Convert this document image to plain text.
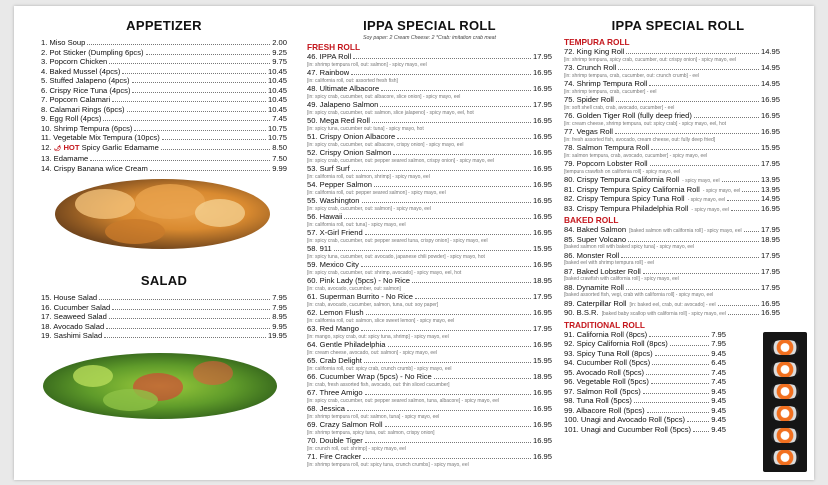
APPETIZER
1. Miso Soup	2.00
2. Pot Sticker (Dumpling 6pcs)	9.25
3. Popcorn Chicken	9.75
4. Baked Mussel (4pcs)	10.45
5. Stuffed Jalapeno (4pcs)	10.45
6. Crispy Rice Tuna (4pcs)	10.45
7. Popcorn Calamari	10.45
8. Calamari Rings (6pcs)	10.45
9. Egg Roll (4pcs)	7.45
10. Shrimp Tempura (6pcs)	10.75
11. Vegetable Mix Tempura (10pcs)	10.75
12. 🌶 HOT Spicy Garlic Edamame	8.50
13. Edamame	7.50
14. Crispy Banana w/ice Cream	9.99
SALAD
15. House Salad	7.95
16. Cucumber Salad	7.95
17. Seaweed Salad	8.95
18. Avocado Salad	9.95
19. Sashimi Salad	19.95
IPPA SPECIAL ROLL
Soy paper: 2 Cream Cheese: 2 *Crab: imitation crab meat
FRESH ROLL
46. IPPA Roll	17.95
[in: shrimp tempura roll, out: salmon] - spicy mayo, eel
47. Rainbow	16.95
[in: california roll, out: assorted fresh fish]
48. Ultimate Albacore	16.95
[in: spicy crab, cucumber, out: albacore, slice onion] - spicy mayo, eel
49. Jalapeno Salmon	17.95
[in: spicy crab, cucumber, out: salmon, slice jalapeno] - spicy mayo, eel, hot
50. Mega Red Roll	16.95
[in: spicy tuna, cucumber out: tuna] - spicy mayo, hot
51. Crispy Onion Albacore	16.95
[in: spicy crab, cucumber, out: albacore, crispy onion] - spicy mayo, eel
52. Crispy Onion Salmon	16.95
[in: spicy crab, cucumber, out: pepper seared salmon, crispy onion] - spicy mayo, eel
53. Surf Surf	16.95
[in: california roll, out: salmon, shrimp] - spicy mayo, eel
54. Pepper Salmon	16.95
[in: california roll, out: pepper seared salmon] - spicy mayo, eel
55. Washington	16.95
[in: spicy crab, cucumber, out: salmon] - spicy mayo, eel
56. Hawaii	16.95
[in: california roll, out: tuna] - spicy mayo, eel
57. X-Girl Friend	16.95
[in: spicy crab, cucumber, out: pepper seared tuna, crispy onion] - spicy mayo, eel
58. 911	15.95
[in: spicy tuna, cucumber, out: avocado, japanese chili powder] - spicy mayo, hot
59. Mexico City	16.95
[in: spicy crab, cucumber, out: shrimp, avocado] - spicy mayo, eel, hot
60. Pink Lady (5pcs) - No Rice	18.95
[in: crab, avocado, cucumber, out: salmon]
61. Superman Burrito - No Rice	17.95
[in: crab, avocado, cucumber, salmon, tuna, out: soy paper]
62. Lemon Flush	16.95
[in: california roll, out: salmon, slice sweet lemon] - spicy mayo, eel
63. Red Mango	17.95
[in: mango, spicy crab, out: spicy tuna, shrimp] - spicy mayo, eel
64. Gentle Philadelphia	16.95
[in: cream cheese, avocado, out: salmon] - spicy mayo, eel
65. Crab Delight	15.95
[in: california roll, out: spicy crab, crunch crumb] - spicy mayo, eel
66. Cucumber Wrap (5pcs) - No Rice	18.95
[in: crab, fresh assorted fish, avocado, out: thin sliced cucumber]
67. Three Amigo	16.95
[in: spicy crab, cucumber, out: pepper seared salmon, tuna, albacore] - spicy mayo, eel
68. Jessica	16.95
[in: shrimp tempura roll, out: salmon, tuna] - spicy mayo, eel
69. Crazy Salmon Roll	16.95
[in: shrimp tempura, spicy tuna, out: salmon, crispy onion]
70. Double Tiger	16.95
[in: crunch roll, out: shrimp] - spicy mayo, eel
71. Fire Cracker	16.95
[in: shrimp tempura roll, out: spicy tuna, crunch crumbs] - spicy mayo, eel
IPPA SPECIAL ROLL
TEMPURA ROLL
72. King King Roll	14.95
[in: shrimp tempura, spicy crab, cucumber, out: crispy onion] - spicy mayo, eel
73. Crunch Roll	14.95
[in: shrimp tempura, crab, cucumber, out: crunch crumb] - eel
74. Shrimp Tempura Roll	14.95
[in: shrimp tempura, crab, cucumber] - eel
75. Spider Roll	16.95
[in: soft shell crab, crab, avocado, cucumber] - eel
76. Golden Tiger Roll (fully deep fried)	16.95
[in: cream cheese, shrimp tempura, out: spicy crab] - spicy mayo, eel, hot
77. Vegas Roll	16.95
[in: fresh assorted fish, avocado, cream cheese, out: fully deep fried]
78. Salmon Tempura Roll	15.95
[in: salmon tempura, crab, avocado, cucumber] - spicy mayo, eel
79. Popcorn Lobster Roll	17.95
[tempura crawfish on california roll] - spicy mayo, eel
80. Crispy Tempura California Roll - spicy mayo, eel	13.95
81. Crispy Tempura Spicy California Roll - spicy mayo, eel	13.95
82. Crispy Tempura Spicy Tuna Roll - spicy mayo, eel	14.95
83. Crispy Tempura Philadelphia Roll - spicy mayo, eel	16.95
BAKED ROLL
84. Baked Salmon [baked salmon with california roll] - spicy mayo, eel	17.95
85. Super Volcano	18.95
[baked salmon roll with baked spicy tuna] - spicy mayo, eel
86. Monster Roll	17.95
[baked eel with shrimp tempura roll] - eel
87. Baked Lobster Roll	17.95
[baked crawfish with california roll] - spicy mayo, eel
88. Dynamite Roll	17.95
[baked assorted fish, vegi, crab with california roll] - spicy mayo, eel
89. Caterpillar Roll [in: baked eel, crab, out: avocado] - eel	16.95
90. B.S.R. [baked baby scallop with california roll] - spicy mayo, eel	16.95
TRADITIONAL ROLL
91. California Roll (8pcs)	7.95
92. Spicy California Roll (8pcs)	7.95
93. Spicy Tuna Roll (8pcs)	9.45
94. Cucumber Roll (5pcs)	6.45
95. Avocado Roll (5pcs)	7.45
96. Vegetable Roll (5pcs)	7.45
97. Salmon Roll (5pcs)	9.45
98. Tuna Roll (5pcs)	9.45
99. Albacore Roll (5pcs)	9.45
100. Unagi and Avocado Roll (5pcs)	9.45
101. Unagi and Cucumber Roll (5pcs)	9.45
